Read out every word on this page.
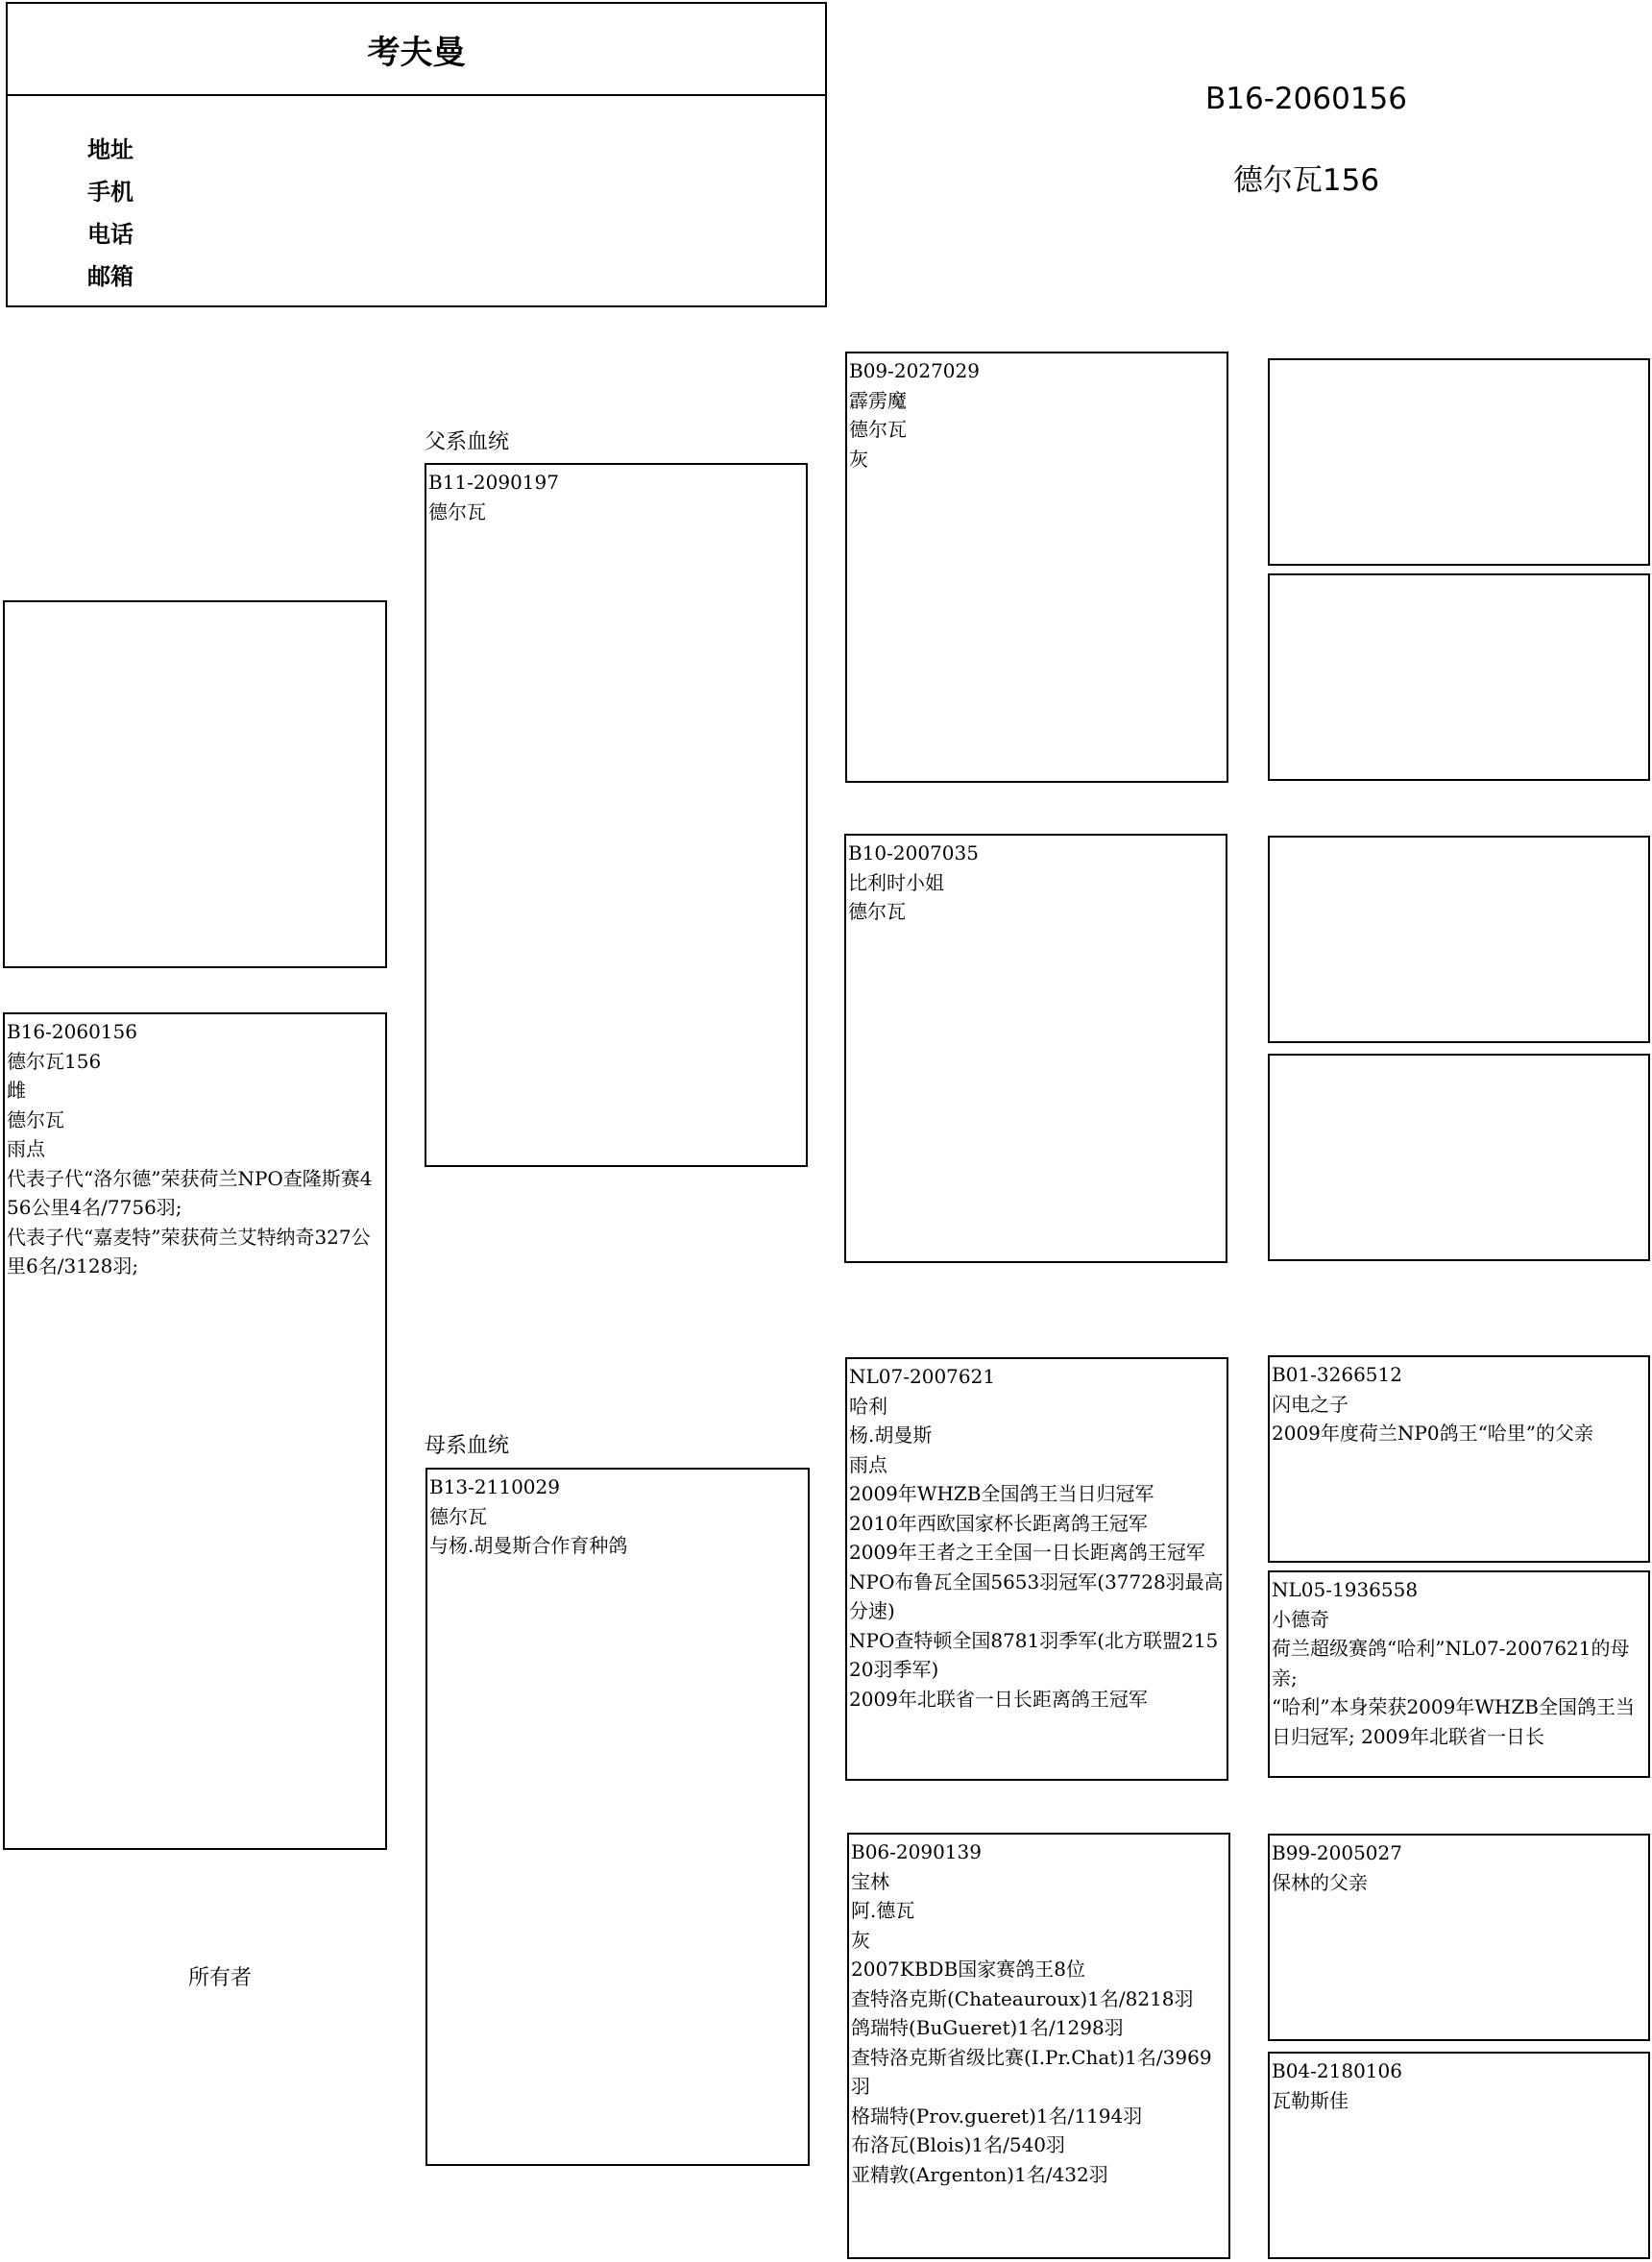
考夫曼
地址
手机
电话
邮箱
B16-2060156
德尔瓦156
父系血统
母系血统
所有者
B16-2060156
德尔瓦156
雌
德尔瓦
雨点
代表子代“洛尔德”荣获荷兰NPO查隆斯赛456公里4名/7756羽;
代表子代“嘉麦特”荣获荷兰艾特纳奇327公里6名/3128羽;
B11-2090197
德尔瓦
B13-2110029
德尔瓦
与杨.胡曼斯合作育种鸽
B09-2027029
霹雳魔
德尔瓦
灰
B10-2007035
比利时小姐
德尔瓦
NL07-2007621
哈利
杨.胡曼斯
雨点
2009年WHZB全国鸽王当日归冠军
2010年西欧国家杯长距离鸽王冠军
2009年王者之王全国一日长距离鸽王冠军
NPO布鲁瓦全国5653羽冠军(37728羽最高分速)
NPO查特顿全国8781羽季军(北方联盟21520羽季军)
2009年北联省一日长距离鸽王冠军
B06-2090139
宝林
阿.德瓦
灰
2007KBDB国家赛鸽王8位
查特洛克斯(Chateauroux)1名/8218羽
鸽瑞特(BuGueret)1名/1298羽
查特洛克斯省级比赛(I.Pr.Chat)1名/3969羽
格瑞特(Prov.gueret)1名/1194羽
布洛瓦(Blois)1名/540羽
亚精敦(Argenton)1名/432羽
B01-3266512
闪电之子
2009年度荷兰NP0鸽王“哈里”的父亲
NL05-1936558
小德奇
荷兰超级赛鸽“哈利”NL07-2007621的母亲;
“哈利”本身荣获2009年WHZB全国鸽王当日归冠军; 2009年北联省一日长
B99-2005027
保林的父亲
B04-2180106
瓦勒斯佳
